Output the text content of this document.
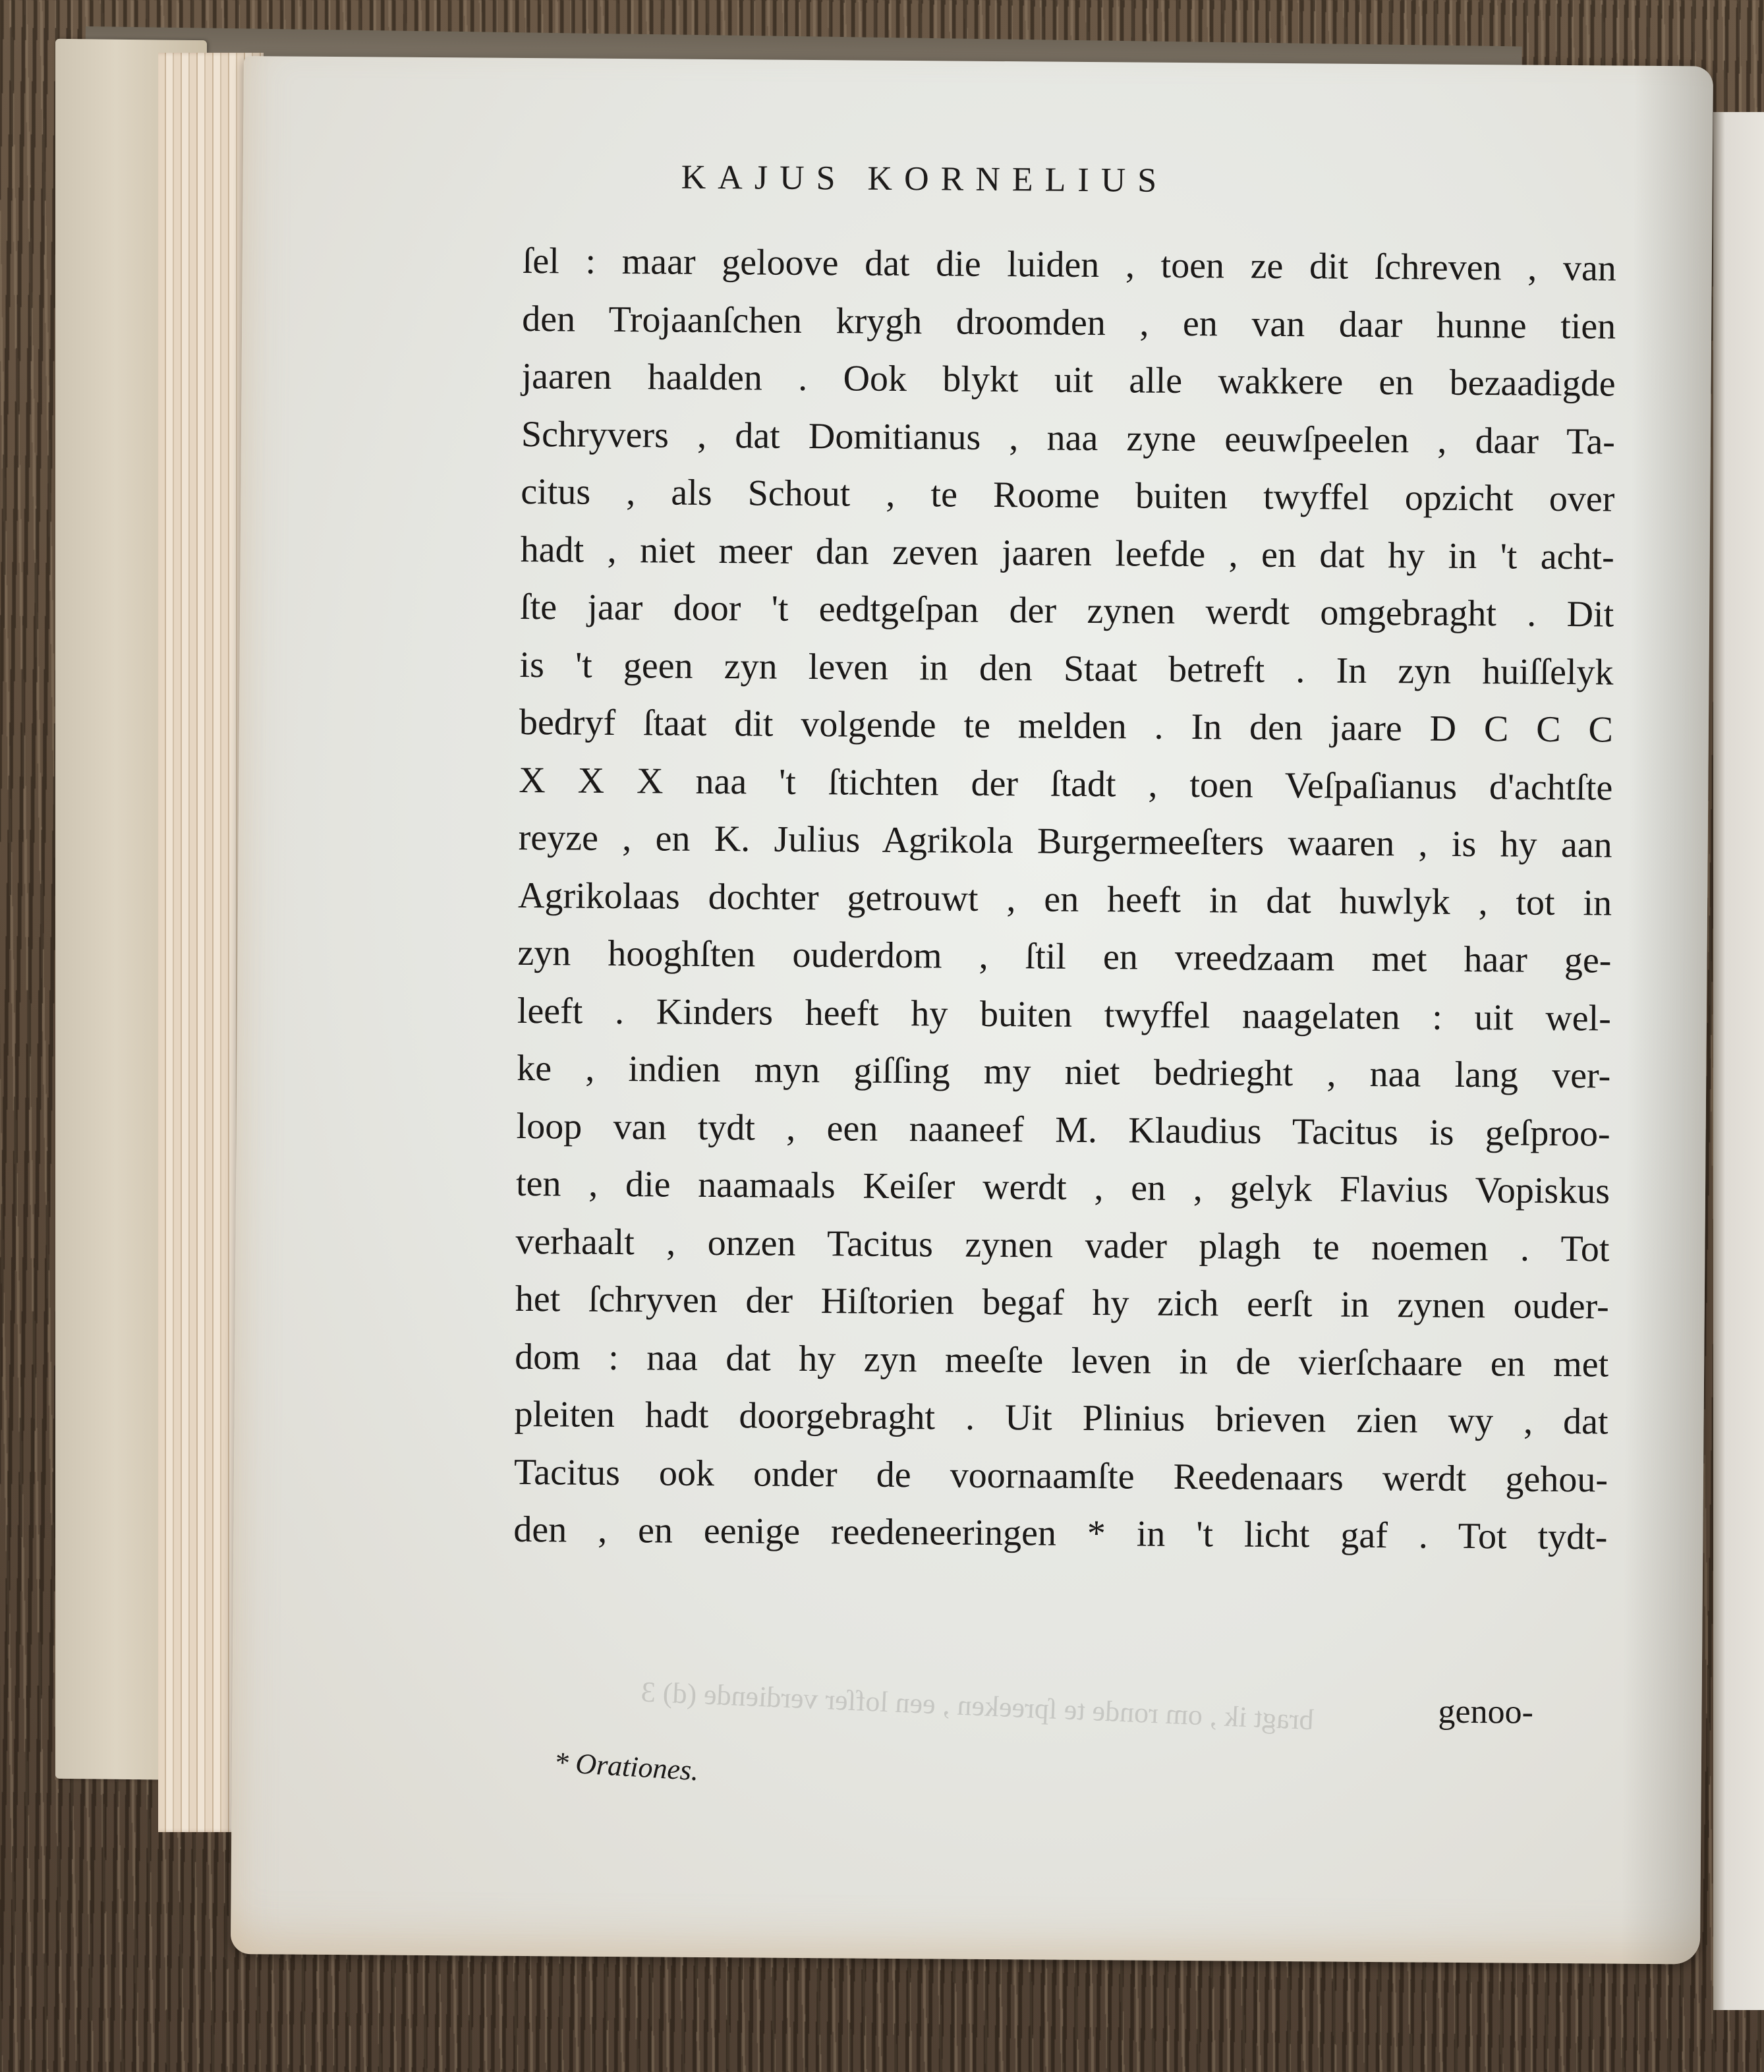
bragt ik , om ronde te ſpreeken , een lofſer verdiende (d) 3
KAJUS KORNELIUS
ſel : maar geloove dat die luiden , toen ze dit ſchreven , van
den Trojaanſchen krygh droomden , en van daar hunne tien
jaaren haalden . Ook blykt uit alle wakkere en bezaadigde
Schryvers , dat Domitianus , naa zyne eeuwſpeelen , daar Ta-
citus , als Schout , te Roome buiten twyffel opzicht over
hadt , niet meer dan zeven jaaren leefde , en dat hy in 't acht-
ſte jaar door 't eedtgeſpan der zynen werdt omgebraght . Dit
is 't geen zyn leven in den Staat betreft . In zyn huiſſelyk
bedryf ſtaat dit volgende te melden . In den jaare D C C C
X X X naa 't ſtichten der ſtadt , toen Veſpaſianus d'achtſte
reyze , en K. Julius Agrikola Burgermeeſters waaren , is hy aan
Agrikolaas dochter getrouwt , en heeft in dat huwlyk , tot in
zyn hooghſten ouderdom , ſtil en vreedzaam met haar ge-
leeft . Kinders heeft hy buiten twyffel naagelaten : uit wel-
ke , indien myn giſſing my niet bedrieght , naa lang ver-
loop van tydt , een naaneef M. Klaudius Tacitus is geſproo-
ten , die naamaals Keiſer werdt , en , gelyk Flavius Vopiskus
verhaalt , onzen Tacitus zynen vader plagh te noemen . Tot
het ſchryven der Hiſtorien begaf hy zich eerſt in zynen ouder-
dom : naa dat hy zyn meeſte leven in de vierſchaare en met
pleiten hadt doorgebraght . Uit Plinius brieven zien wy , dat
Tacitus ook onder de voornaamſte Reedenaars werdt gehou-
den , en eenige reedeneeringen * in 't licht gaf . Tot tydt-
genoo-
* Orationes.
